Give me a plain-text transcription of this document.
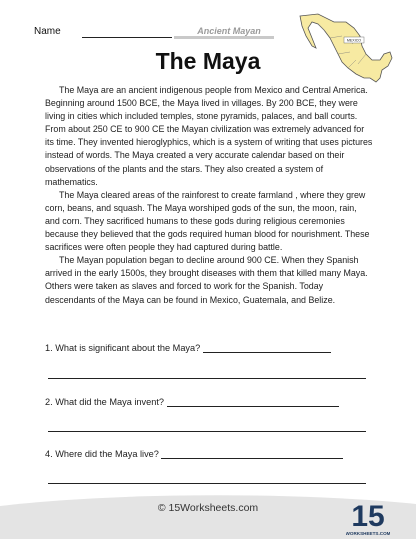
Name	Ancient Mayan
MEXICO
The Maya

The Maya are an ancient indigenous people from Mexico and Central America. Beginning around 1500 BCE, the Maya lived in villages. By 200 BCE, they were living in cities which included temples, stone pyramids, palaces, and ball courts. From about 250 CE to 900 CE the Mayan civilization was extremely advanced for its time. They invented hieroglyphics, which is a system of writing that uses pictures instead of words. The Maya created a very accurate calendar based on their observations of the plants and the stars. They also created a system of mathematics.

The Maya cleared areas of the rainforest to create farmland , where they grew corn, beans, and squash. The Maya worshiped gods of the sun, the moon, rain, and corn. They sacrificed humans to these gods during religious ceremonies because they believed that the gods required human blood for nourishment. These sacrifices were often people they had captured during battle.

The Mayan population began to decline around 900 CE. When they Spanish arrived in the early 1500s, they brought diseases with them that killed many Maya. Others were taken as slaves and forced to work for the Spanish. Today descendants of the Maya can be found in Mexico, Guatemala, and Belize.

1. What is significant about the Maya?
2. What did the Maya invent?
4. Where did the Maya live?
© 15Worksheets.com	15
WORKSHEETS.COM
